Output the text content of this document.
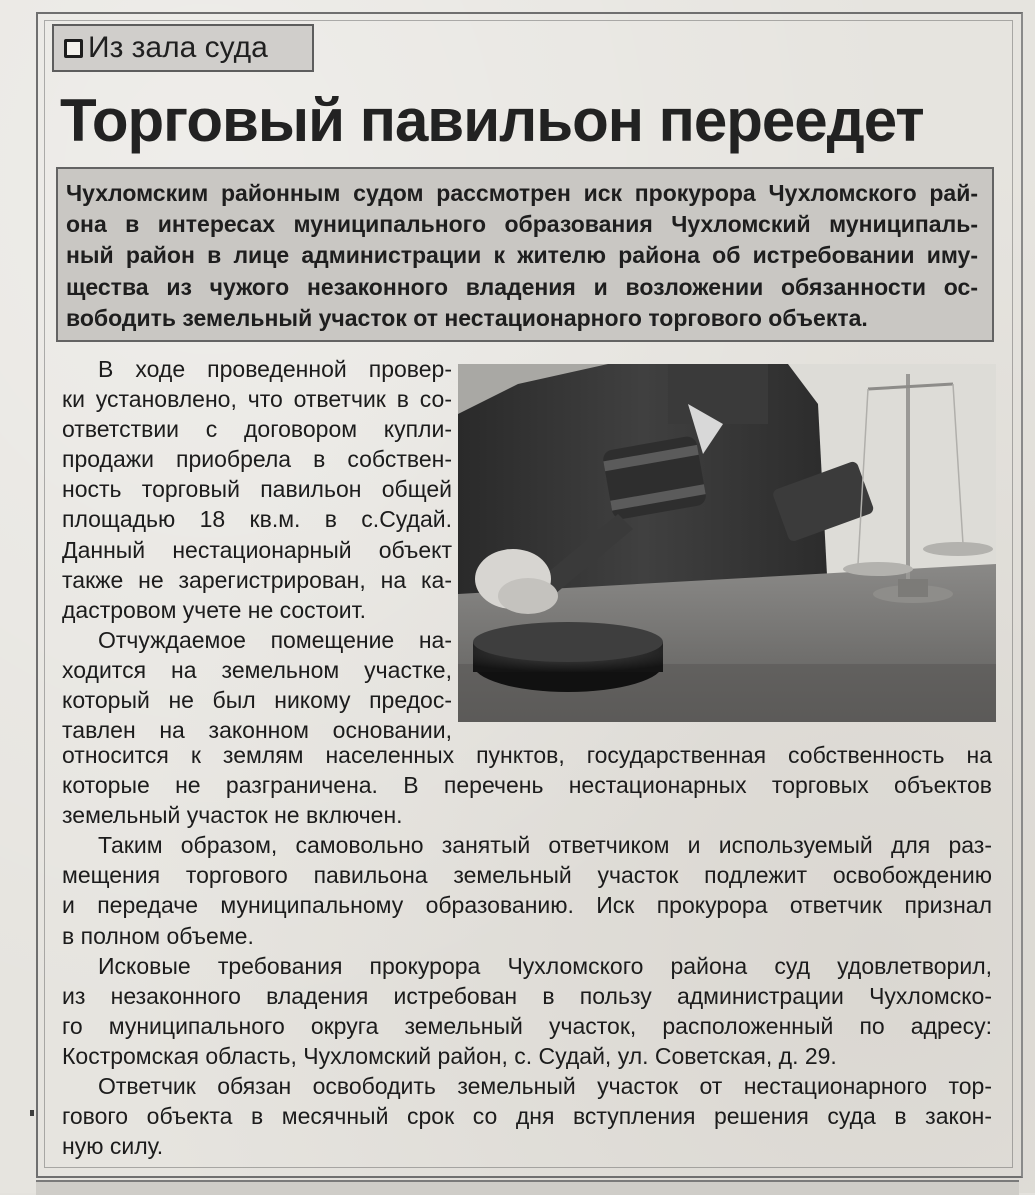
Из зала суда
Торговый павильон переедет
Чухломским районным судом рассмотрен иск прокурора Чухломского рай-
она в интересах муниципального образования Чухломский муниципаль-
ный район в лице администрации к жителю района об истребовании иму-
щества из чужого незаконного владения и возложении обязанности ос-
вободить земельный участок от нестационарного торгового объекта.
В ходе проведенной провер-
ки установлено, что ответчик в со-
ответствии с договором купли-
продажи приобрела в собствен-
ность торговый павильон общей
площадью 18 кв.м. в с.Судай.
Данный нестационарный объект
также не зарегистрирован, на ка-
дастровом учете не состоит.
Отчуждаемое помещение на-
ходится на земельном участке,
который не был никому предос-
тавлен на законном основании,
относится к землям населенных пунктов, государственная собственность на
которые не разграничена. В перечень нестационарных торговых объектов
земельный участок не включен.
Таким образом, самовольно занятый ответчиком и используемый для раз-
мещения торгового павильона земельный участок подлежит освобождению
и передаче муниципальному образованию. Иск прокурора ответчик признал
в полном объеме.
Исковые требования прокурора Чухломского района суд удовлетворил,
из незаконного владения истребован в пользу администрации Чухломско-
го муниципального округа земельный участок, расположенный по адресу:
Костромская область, Чухломский район, с. Судай, ул. Советская, д. 29.
Ответчик обязан освободить земельный участок от нестационарного тор-
гового объекта в месячный срок со дня вступления решения суда в закон-
ную силу.
